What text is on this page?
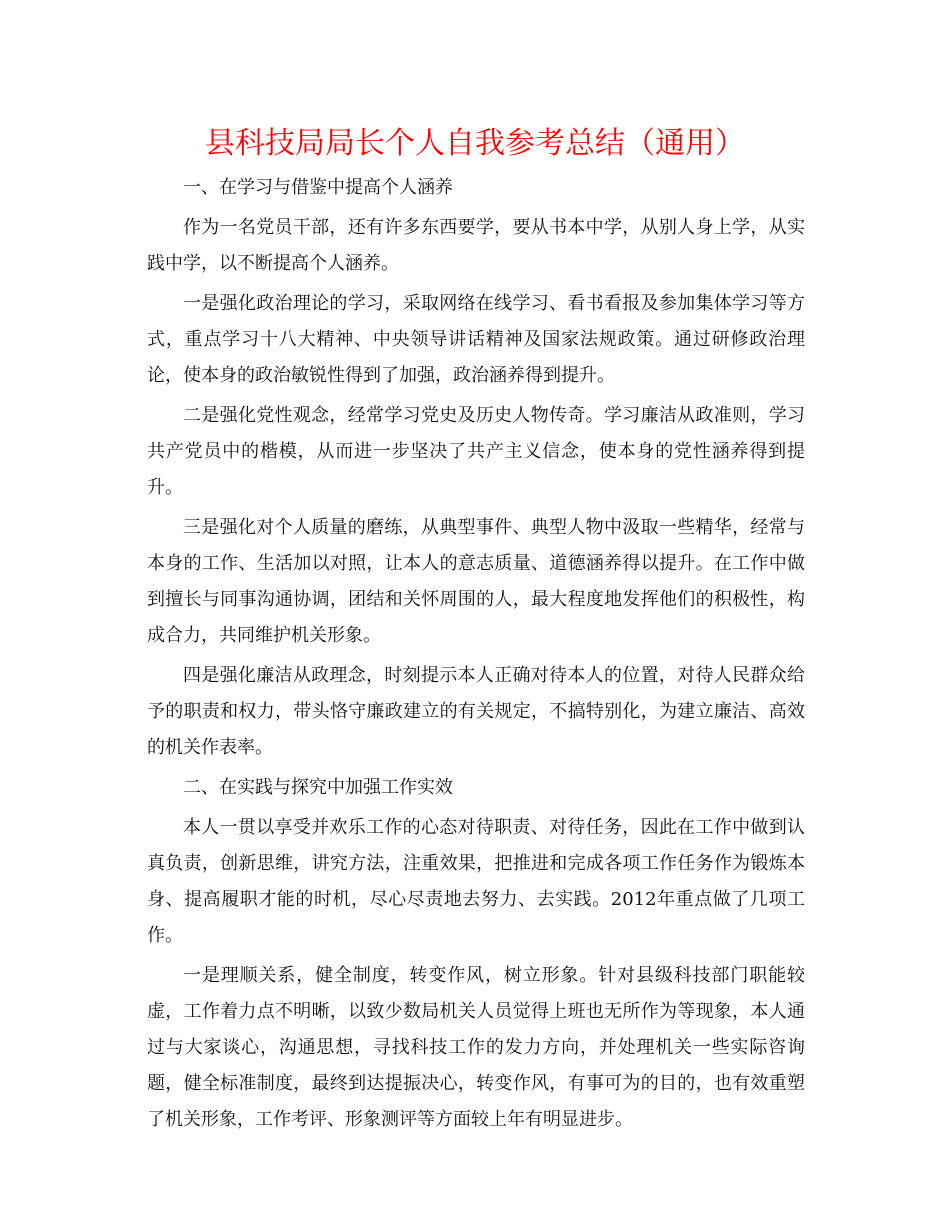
县科技局局长个人自我参考总结（通用）

一、在学习与借鉴中提高个人涵养

作为一名党员干部，还有许多东西要学，要从书本中学，从别人身上学，从实践中学，以不断提高个人涵养。

一是强化政治理论的学习，采取网络在线学习、看书看报及参加集体学习等方式，重点学习十八大精神、中央领导讲话精神及国家法规政策。通过研修政治理论，使本身的政治敏锐性得到了加强，政治涵养得到提升。

二是强化党性观念，经常学习党史及历史人物传奇。学习廉洁从政准则，学习共产党员中的楷模，从而进一步坚决了共产主义信念，使本身的党性涵养得到提升。

三是强化对个人质量的磨练，从典型事件、典型人物中汲取一些精华，经常与本身的工作、生活加以对照，让本人的意志质量、道德涵养得以提升。在工作中做到擅长与同事沟通协调，团结和关怀周围的人，最大程度地发挥他们的积极性，构成合力，共同维护机关形象。

四是强化廉洁从政理念，时刻提示本人正确对待本人的位置，对待人民群众给予的职责和权力，带头恪守廉政建立的有关规定，不搞特别化，为建立廉洁、高效的机关作表率。

二、在实践与探究中加强工作实效

本人一贯以享受并欢乐工作的心态对待职责、对待任务，因此在工作中做到认真负责，创新思维，讲究方法，注重效果，把推进和完成各项工作任务作为锻炼本身、提高履职才能的时机，尽心尽责地去努力、去实践。2012年重点做了几项工作。

一是理顺关系，健全制度，转变作风，树立形象。针对县级科技部门职能较虚，工作着力点不明晰，以致少数局机关人员觉得上班也无所作为等现象，本人通过与大家谈心，沟通思想，寻找科技工作的发力方向，并处理机关一些实际咨询题，健全标准制度，最终到达提振决心，转变作风，有事可为的目的，也有效重塑了机关形象，工作考评、形象测评等方面较上年有明显进步。
